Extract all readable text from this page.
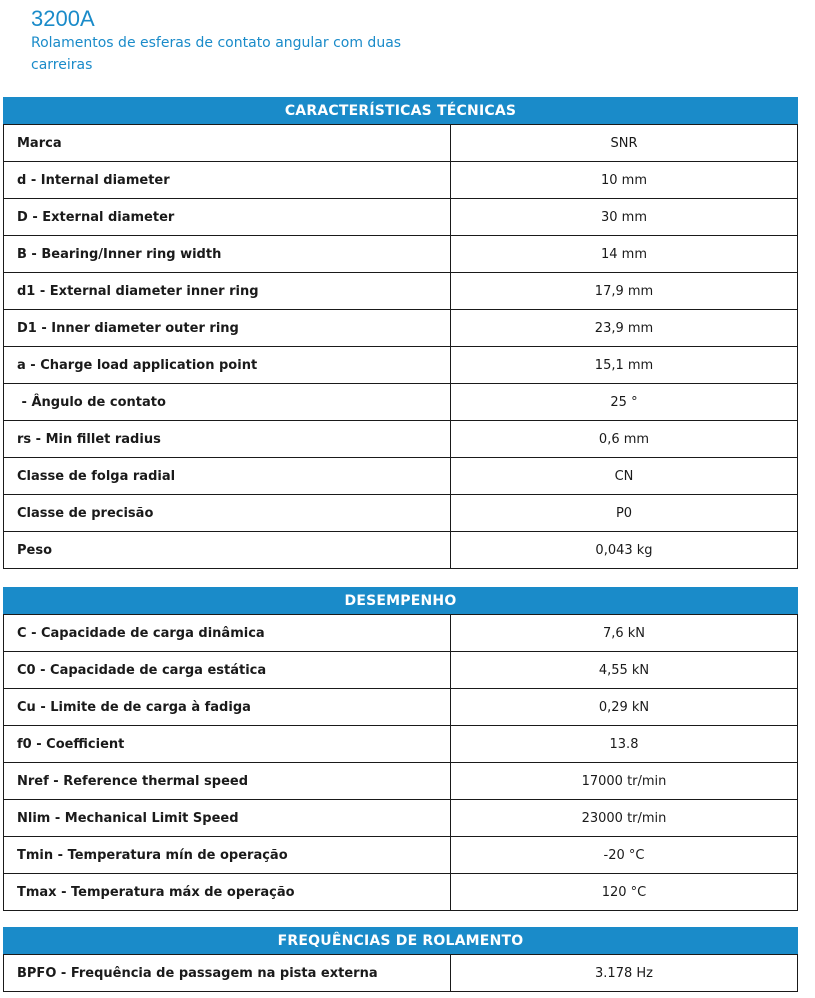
3200A
Rolamentos de esferas de contato angular com duas
carreiras
CARACTERÍSTICAS TÉCNICAS
Marca	SNR
d - Internal diameter	10 mm
D - External diameter	30 mm
B - Bearing/Inner ring width	14 mm
d1 - External diameter inner ring	17,9 mm
D1 - Inner diameter outer ring	23,9 mm
a - Charge load application point	15,1 mm
- Ângulo de contato	25 °
rs - Min fillet radius	0,6 mm
Classe de folga radial	CN
Classe de precisão	P0
Peso	0,043 kg
DESEMPENHO
C - Capacidade de carga dinâmica	7,6 kN
C0 - Capacidade de carga estática	4,55 kN
Cu - Limite de de carga à fadiga	0,29 kN
f0 - Coefficient	13.8
Nref - Reference thermal speed	17000 tr/min
Nlim - Mechanical Limit Speed	23000 tr/min
Tmin - Temperatura mín de operação	-20 °C
Tmax - Temperatura máx de operação	120 °C
FREQUÊNCIAS DE ROLAMENTO
BPFO - Frequência de passagem na pista externa	3.178 Hz
